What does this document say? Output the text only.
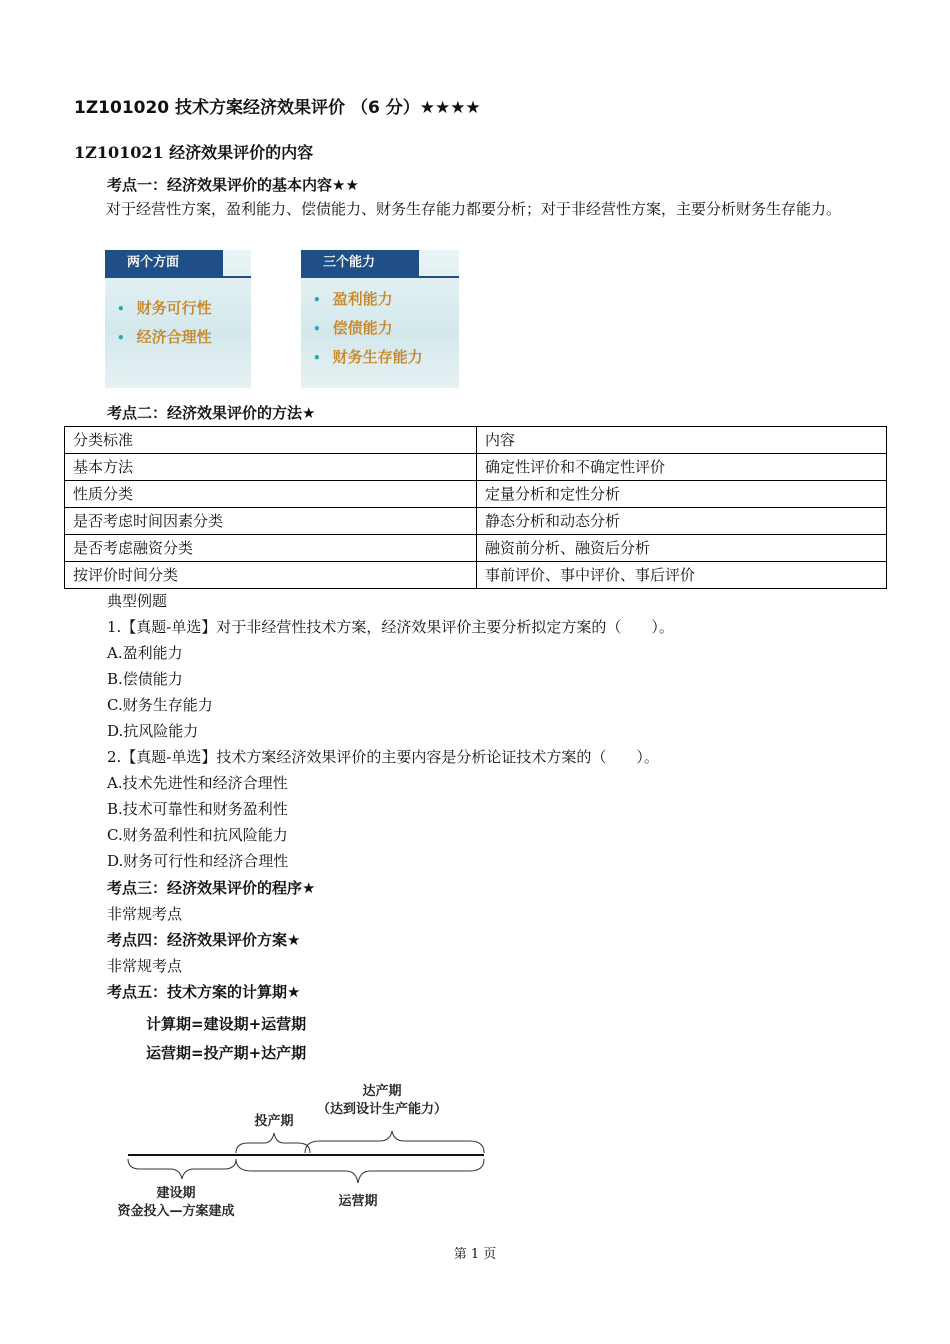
1Z101020 技术方案经济效果评价 （6 分）★★★★
1Z101021 经济效果评价的内容
考点一：经济效果评价的基本内容★★
对于经营性方案，盈利能力、偿债能力、财务生存能力都要分析；对于非经营性方案，主要分析财务生存能力。
两个方面
• 财务可行性
• 经济合理性
三个能力
• 盈利能力
• 偿债能力
• 财务生存能力
考点二：经济效果评价的方法★
分类标准	内容
基本方法	确定性评价和不确定性评价
性质分类	定量分析和定性分析
是否考虑时间因素分类	静态分析和动态分析
是否考虑融资分类	融资前分析、融资后分析
按评价时间分类	事前评价、事中评价、事后评价
典型例题
1.【真题-单选】对于非经营性技术方案，经济效果评价主要分析拟定方案的（　　）。
A.盈利能力
B.偿债能力
C.财务生存能力
D.抗风险能力
2.【真题-单选】技术方案经济效果评价的主要内容是分析论证技术方案的（　　）。
A.技术先进性和经济合理性
B.技术可靠性和财务盈利性
C.财务盈利性和抗风险能力
D.财务可行性和经济合理性
考点三：经济效果评价的程序★
非常规考点
考点四：经济效果评价方案★
非常规考点
考点五：技术方案的计算期★
计算期=建设期+运营期
运营期=投产期+达产期
达产期
（达到设计生产能力）
投产期
建设期
资金投入—方案建成
运营期
第 1 页
